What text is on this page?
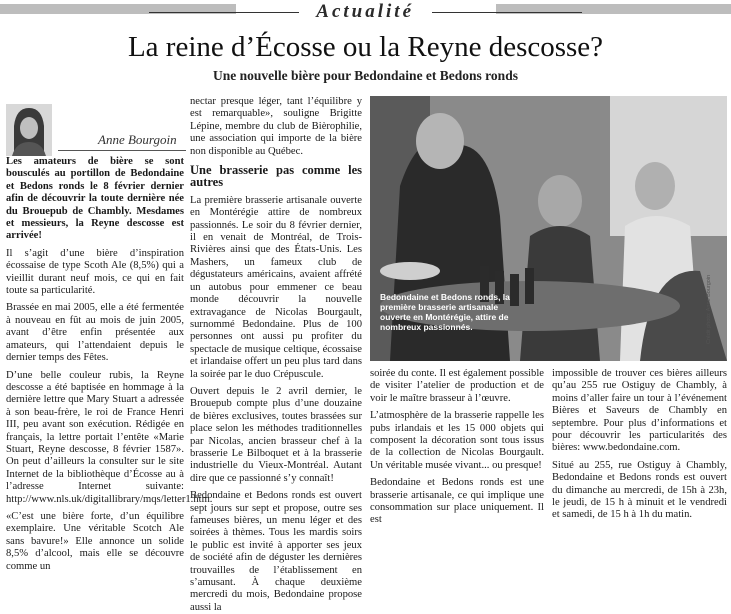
Actualité
La reine d’Écosse ou la Reyne descosse?
Une nouvelle bière pour Bedondaine et Bedons ronds
Anne Bourgoin

Les amateurs de bière se sont bousculés au portillon de Bedondaine et Bedons ronds le 8 février dernier afin de découvrir la toute dernière née du Brouepub de Chambly. Mesdames et messieurs, la Reyne descosse est arrivée!

Il s’agit d’une bière d’inspiration écossaise de type Scoth Ale (8,5%) qui a vieillit durant neuf mois, ce qui en fait toute sa particularité.

Brassée en mai 2005, elle a été fermentée à nouveau en fût au mois de juin 2005, avant d’être enfin présentée aux amateurs, qui l’attendaient depuis le dernier temps des Fêtes.

D’une belle couleur rubis, la Reyne descosse a été baptisée en hommage à la dernière lettre que Mary Stuart a adressée à son beau-frère, le roi de France Henri III, peu avant son exécution. Rédigée en français, la lettre portait l’entête «Marie Stuart, Reyne descosse, 8 février 1587». On peut d’ailleurs la consulter sur le site Internet de la bibliothèque d’Écosse au à l’adresse Internet suivante: http://www.nls.uk/digitallibrary/mqs/letter1.htm.

«C’est une bière forte, d’un équilibre exemplaire. Une véritable Scotch Ale sans bavure!» Elle annonce un solide 8,5% d’alcool, mais elle se découvre comme un

nectar presque léger, tant l’équilibre y est remarquable», souligne Brigitte Lépine, membre du club de Bièrophilie, une association qui importe de la bière non disponible au Québec.

Une brasserie pas comme les autres

La première brasserie artisanale ouverte en Montérégie attire de nombreux passionnés. Le soir du 8 février dernier, il en venait de Montréal, de Trois-Rivières ainsi que des États-Unis. Les Mashers, un fameux club de dégustateurs américains, avaient affrété un autobus pour emmener ce beau monde découvrir la nouvelle extravagance de Nicolas Bourgault, surnommé Bedondaine. Plus de 100 personnes ont aussi pu profiter du spectacle de musique celtique, écossaise et irlandaise offert un peu plus tard dans la soirée par le duo Crépuscule.

Ouvert depuis le 2 avril dernier, le Brouepub compte plus d’une douzaine de bières exclusives, toutes brassées sur place selon les méthodes traditionnelles par Nicolas, ancien brasseur chef à la brasserie Le Bilboquet et à la brasserie industrielle du Vieux-Montréal. Autant dire que ce passionné s’y connaît!

Bedondaine et Bedons ronds est ouvert sept jours sur sept et propose, outre ses fameuses bières, un menu léger et des soirées à thèmes. Tous les mardis soirs le public est invité à apporter ses jeux de société afin de déguster les dernières trouvailles de l’établissement en s’amusant. À chaque deuxième mercredi du mois, Bedondaine propose aussi la

Bedondaine et Bedons ronds, la première brasserie artisanale ouverte en Montérégie, attire de nombreux passionnés.	Crédit photo: Anne Bourgoin

soirée du conte. Il est également possible de visiter l’atelier de production et de voir le maître brasseur à l’œuvre.

L’atmosphère de la brasserie rappelle les pubs irlandais et les 15 000 objets qui composent la décoration sont tous issus de la collection de Nicolas Bourgault. Un véritable musée vivant... ou presque!

Bedondaine et Bedons ronds est une brasserie artisanale, ce qui implique une consommation sur place uniquement. Il est

impossible de trouver ces bières ailleurs qu’au 255 rue Ostiguy de Chambly, à moins d’aller faire un tour à l’événement Bières et Saveurs de Chambly en septembre. Pour plus d’informations et pour découvrir les particularités des bières: www.bedondaine.com.

Situé au 255, rue Ostiguy à Chambly, Bedondaine et Bedons ronds est ouvert du dimanche au mercredi, de 15h à 23h, le jeudi, de 15 h à minuit et le vendredi et samedi, de 15 h à 1h du matin.
